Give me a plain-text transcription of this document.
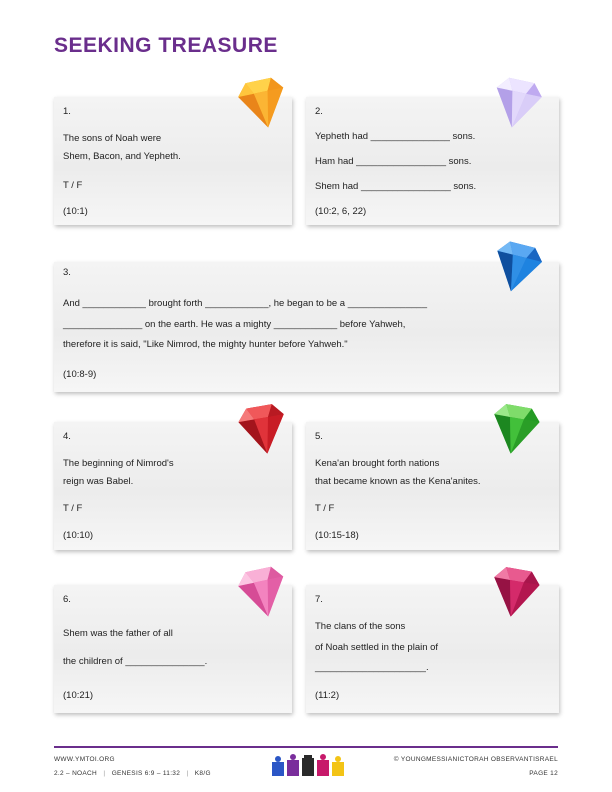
SEEKING TREASURE
1.
The sons of Noah were
Shem, Bacon, and Yepheth.
T / F
(10:1)
2.
Yepheth had _______________ sons.
Ham had _________________ sons.
Shem had _________________ sons.
(10:2, 6, 22)
3.
And ____________ brought forth ____________, he began to be a _______________
_______________ on the earth. He was a mighty ____________ before Yahweh,
therefore it is said, "Like Nimrod, the mighty hunter before Yahweh."
(10:8-9)
4.
The beginning of Nimrod's
reign was Babel.
T / F
(10:10)
5.
Kena'an brought forth nations
that became known as the Kena'anites.
T / F
(10:15-18)
6.
Shem was the father of all
the children of _______________.
(10:21)
7.
The clans of the sons
of Noah settled in the plain of
_____________________.
(11:2)
WWW.YMTOI.ORG
2.2 – NOACH   |   GENESIS 6:9 – 11:32   |   K8/G
© YOUNGMESSIANICTORAH OBSERVANTISRAEL
PAGE 12
